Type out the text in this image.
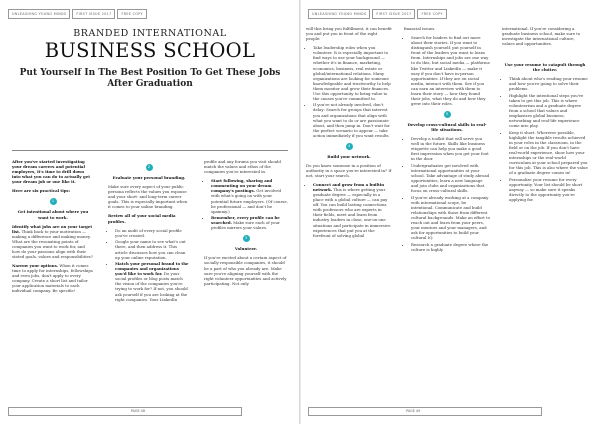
UNLEASHING YOUNG MINDS	FIRST ISSUE 2017	FREE COPY
BRANDED INTERNATIONAL
BUSINESS SCHOOL
Put Yourself In The Best Position To Get These Jobs After Graduation

After you've started investigating your dream careers and potential employers, it's time to drill down into what you can do to actually get your dream job or one like it.

Here are six practical tips:

1
Get intentional about where you want to work.

Identify what jobs are on your target list. Think back to your motivation — making a difference and making money. What are the resonating points of companies you want to work for, and how do your passions align with their stated goals, values and responsibilities?

Narrow your options. When it comes time to apply for internships, fellowships and even jobs, don't apply to every company. Create a short list and tailor your application materials to each individual company. Be specific!

2
Evaluate your personal branding.

Make sure every aspect of your public persona reflects the values you espouse and your short- and long-term career goals. This is especially important when it comes to your online branding.

Review all of your social media profiles.

• Do an audit of every social profile you've created.
• Google your name to see what's out there, and then address it. This article discusses how you can clean up your online reputation.
• Match your personal brand to the companies and organizations you'd like to work for. Do your social profiles or blog posts match the vision of the companies you're trying to work for? If not, you should ask yourself if you are looking at the right companies. Your LinkedIn

profile and any forums you visit should match the values and ethos of the companies you're interested in.

• Start following, sharing and commenting on your dream company's postings. Get involved with what's going on with your potential future employers. (Of course, be professional — and don't be spammy.)
• Remember, every profile can be searched. Make sure each of your profiles mirrors your values.
3
Volunteer.

If you're excited about a certain aspect of socially responsible companies, it should be a part of who you already are. Make sure you're aligning yourself with the right volunteer opportunities and actively participating. Not only

PAGE 48
UNLEASHING YOUNG MINDS	FIRST ISSUE 2017	FREE COPY

will this bring you fulfillment, it can benefit you and put you in front of the right people:

• Take leadership roles when you volunteer. It is especially important to find ways to use your background — whether it's in finance, marketing, economics, business, real estate or global/international relations. Many organizations are looking for someone knowledgeable and trustworthy to help them monitor and grow their finances. Use this opportunity to bring value to the causes you're committed to.
• If you're not already involved, don't delay: Search for groups that interest you and organizations that align with what you want to do or are passionate about, and then jump in. Don't wait for the perfect scenario to appear — take action immediately if you want results.
4
Build your network.

Do you know someone in a position of authority in a space you're interested in? If not, start your search.

• Connect and grow from a builtin network. This is where getting your graduate degree — especially in a place with a global culture — can pay off. You can build lasting connections with professors who are experts in their fields, meet and learn from industry leaders in close, one-on-one situations and participate in immersive experiences that put you at the forefront of solving global

financial issues.

• Search for leaders to find out more about their stories. If you want to distinguish yourself, put yourself in front of the leaders you want to learn from. Internships and jobs are one way to do this, but social media — platforms like Twitter and LinkedIn — make it easy if you don't have in-person opportunities. If they are on social media, interact with them. See if you can earn an interview with them to learn their story — how they found their jobs, what they do and how they grew into their roles.
5
Develop cross-cultural skills in real-life situations.
• Develop a toolkit that will serve you well in the future. Skills like business etiquette can help you make a good first impression when you get your foot in the door.
• Undergraduates get involved with international opportunities at your school. Take advantage of study abroad opportunities, learn a new language and join clubs and organizations that focus on cross-cultural skills.
• If you're already working at a company with international scope, be intentional. Communicate and build relationships with those from different cultural backgrounds. Make an effort to reach out and learn from your peers, your mentors and your managers, and ask for opportunities to build your cultural IQ.
• Research a graduate degree where the culture is highly

international. If you're considering a graduate business school, make sure to investigate the international culture, values and opportunities.

Use your resume to catapult through the clutter.
• Think about who's reading your resume and how you're going to solve their problems.
• Highlight the intentional steps you've taken to get this job. This is where volunteerism and a graduate degree from a school that values and emphasizes global business, networking and real-life experience come into play.
• Keep it short. Wherever possible, highlight the tangible results achieved in your roles in the classroom, in the field or on the job. If you don't have real-world experience, show how your internships or the real-world curriculum at your school prepared you for this job. This is also where the value of a graduate degree comes in!
• Personalize your resume for every opportunity. Your list should be short anyway — so make sure it speaks directly to the opportunity you're applying for.
PAGE 49
